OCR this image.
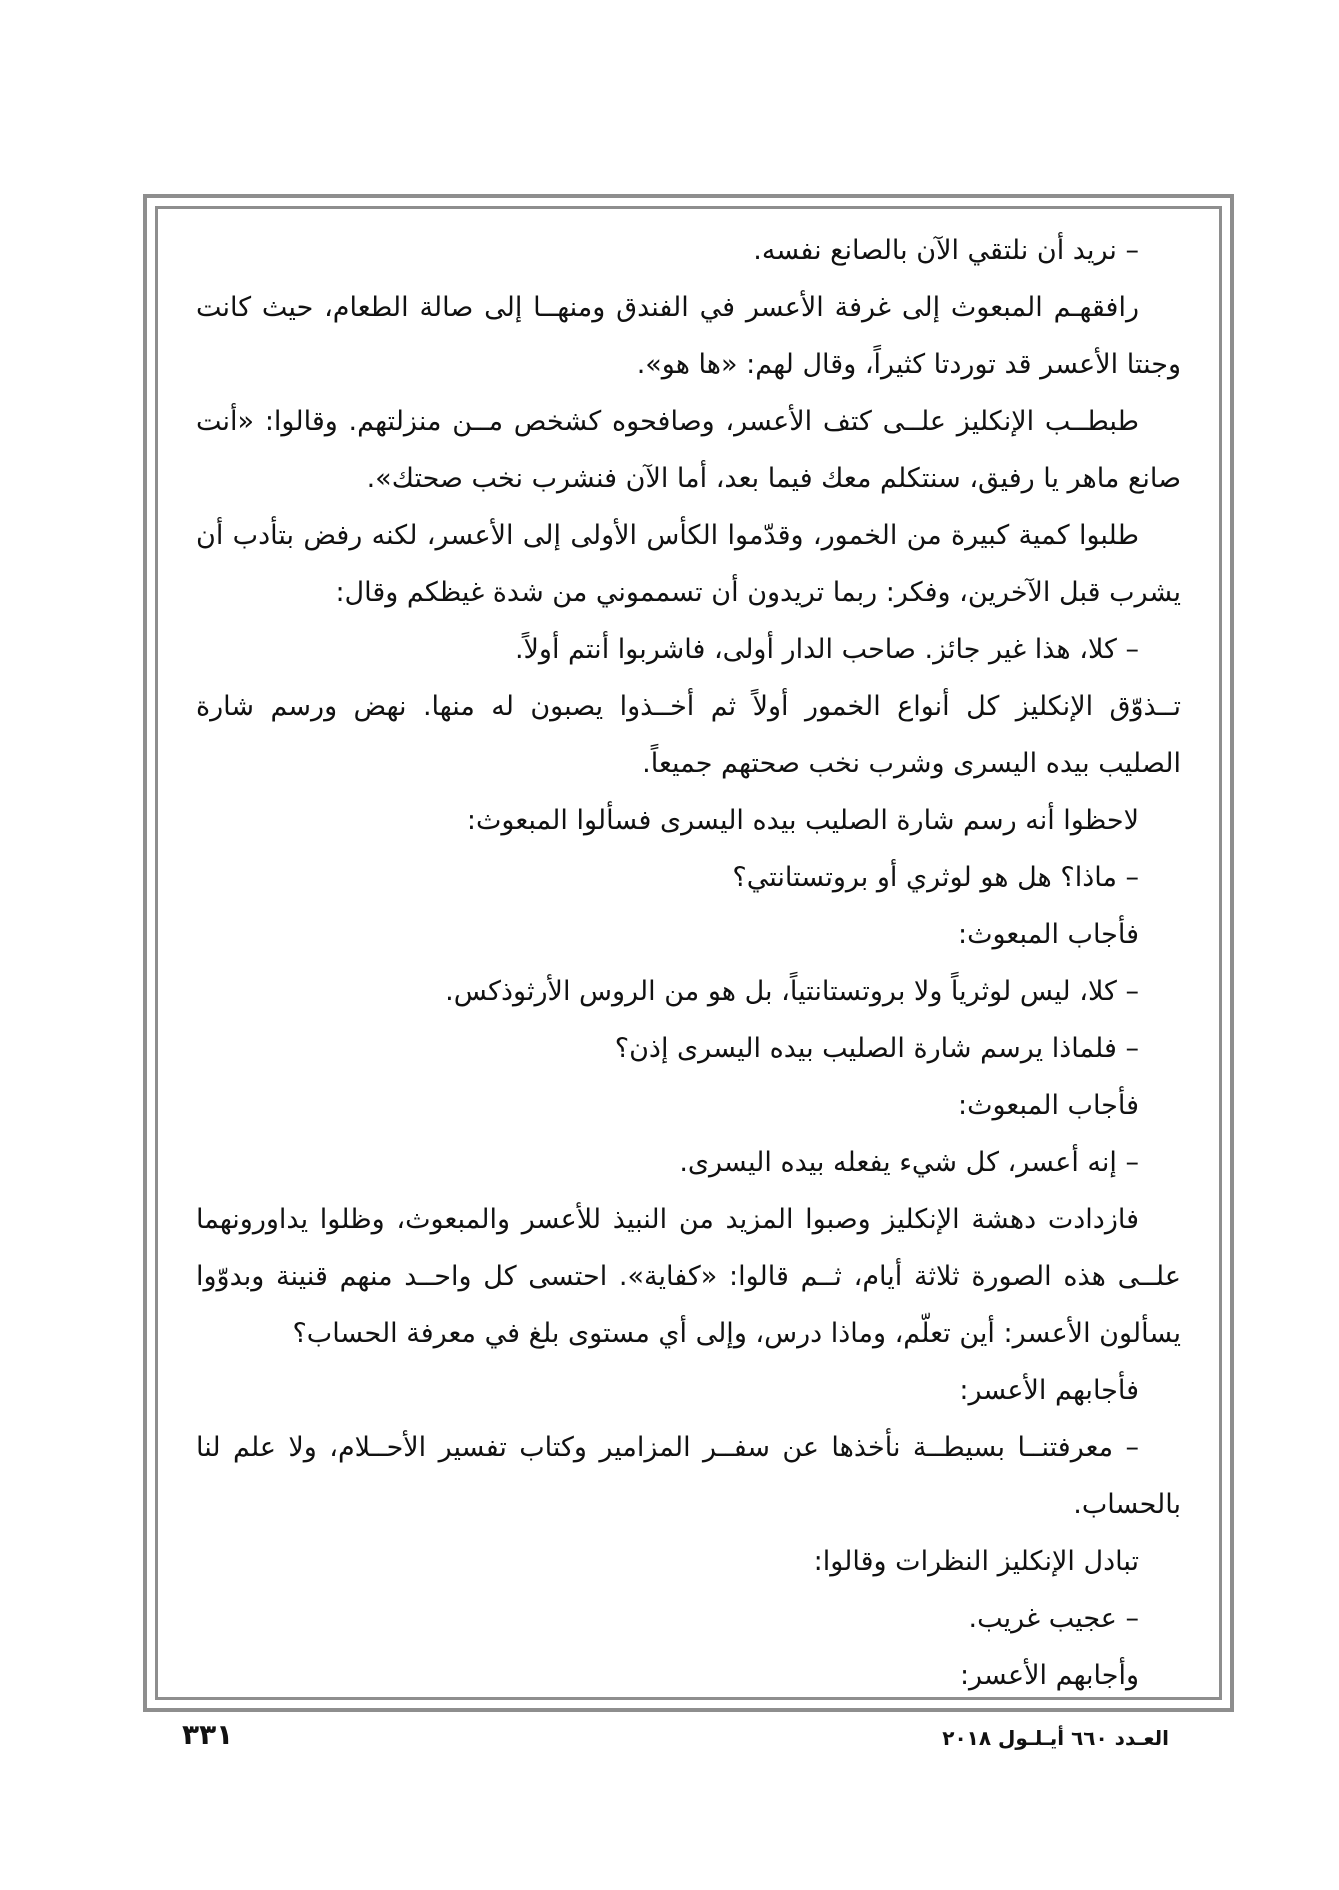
– نريد أن نلتقي الآن بالصانع نفسه.
رافقهـم المبعوث إلى غرفة الأعسر في الفندق ومنهــا إلى صالة الطعام، حيث كانت
وجنتا الأعسر قد توردتا كثيراً، وقال لهم: «ها هو».
طبطــب الإنكليز علــى كتف الأعسر، وصافحوه كشخص مــن منزلتهم. وقالوا: «أنت
صانع ماهر يا رفيق، سنتكلم معك فيما بعد، أما الآن فنشرب نخب صحتك».
طلبوا كمية كبيرة من الخمور، وقدّموا الكأس الأولى إلى الأعسر، لكنه رفض بتأدب أن
يشرب قبل الآخرين، وفكر: ربما تريدون أن تسمموني من شدة غيظكم وقال:
– كلا، هذا غير جائز. صاحب الدار أولى، فاشربوا أنتم أولاً.
تــذوّق الإنكليز كل أنواع الخمور أولاً ثم أخــذوا يصبون له منها. نهض ورسم شارة
الصليب بيده اليسرى وشرب نخب صحتهم جميعاً.
لاحظوا أنه رسم شارة الصليب بيده اليسرى فسألوا المبعوث:
– ماذا؟ هل هو لوثري أو بروتستانتي؟
فأجاب المبعوث:
– كلا، ليس لوثرياً ولا بروتستانتياً، بل هو من الروس الأرثوذكس.
– فلماذا يرسم شارة الصليب بيده اليسرى إذن؟
فأجاب المبعوث:
– إنه أعسر، كل شيء يفعله بيده اليسرى.
فازدادت دهشة الإنكليز وصبوا المزيد من النبيذ للأعسر والمبعوث، وظلوا يداورونهما
علــى هذه الصورة ثلاثة أيام، ثــم قالوا: «كفاية». احتسى كل واحــد منهم قنينة وبدوّوا
يسألون الأعسر: أين تعلّم، وماذا درس، وإلى أي مستوى بلغ في معرفة الحساب؟
فأجابهم الأعسر:
– معرفتنــا بسيطــة نأخذها عن سفــر المزامير وكتاب تفسير الأحــلام، ولا علم لنا
بالحساب.
تبادل الإنكليز النظرات وقالوا:
– عجيب غريب.
وأجابهم الأعسر:
العـدد ٦٦٠ أيـلـول ٢٠١٨
٣٣١
